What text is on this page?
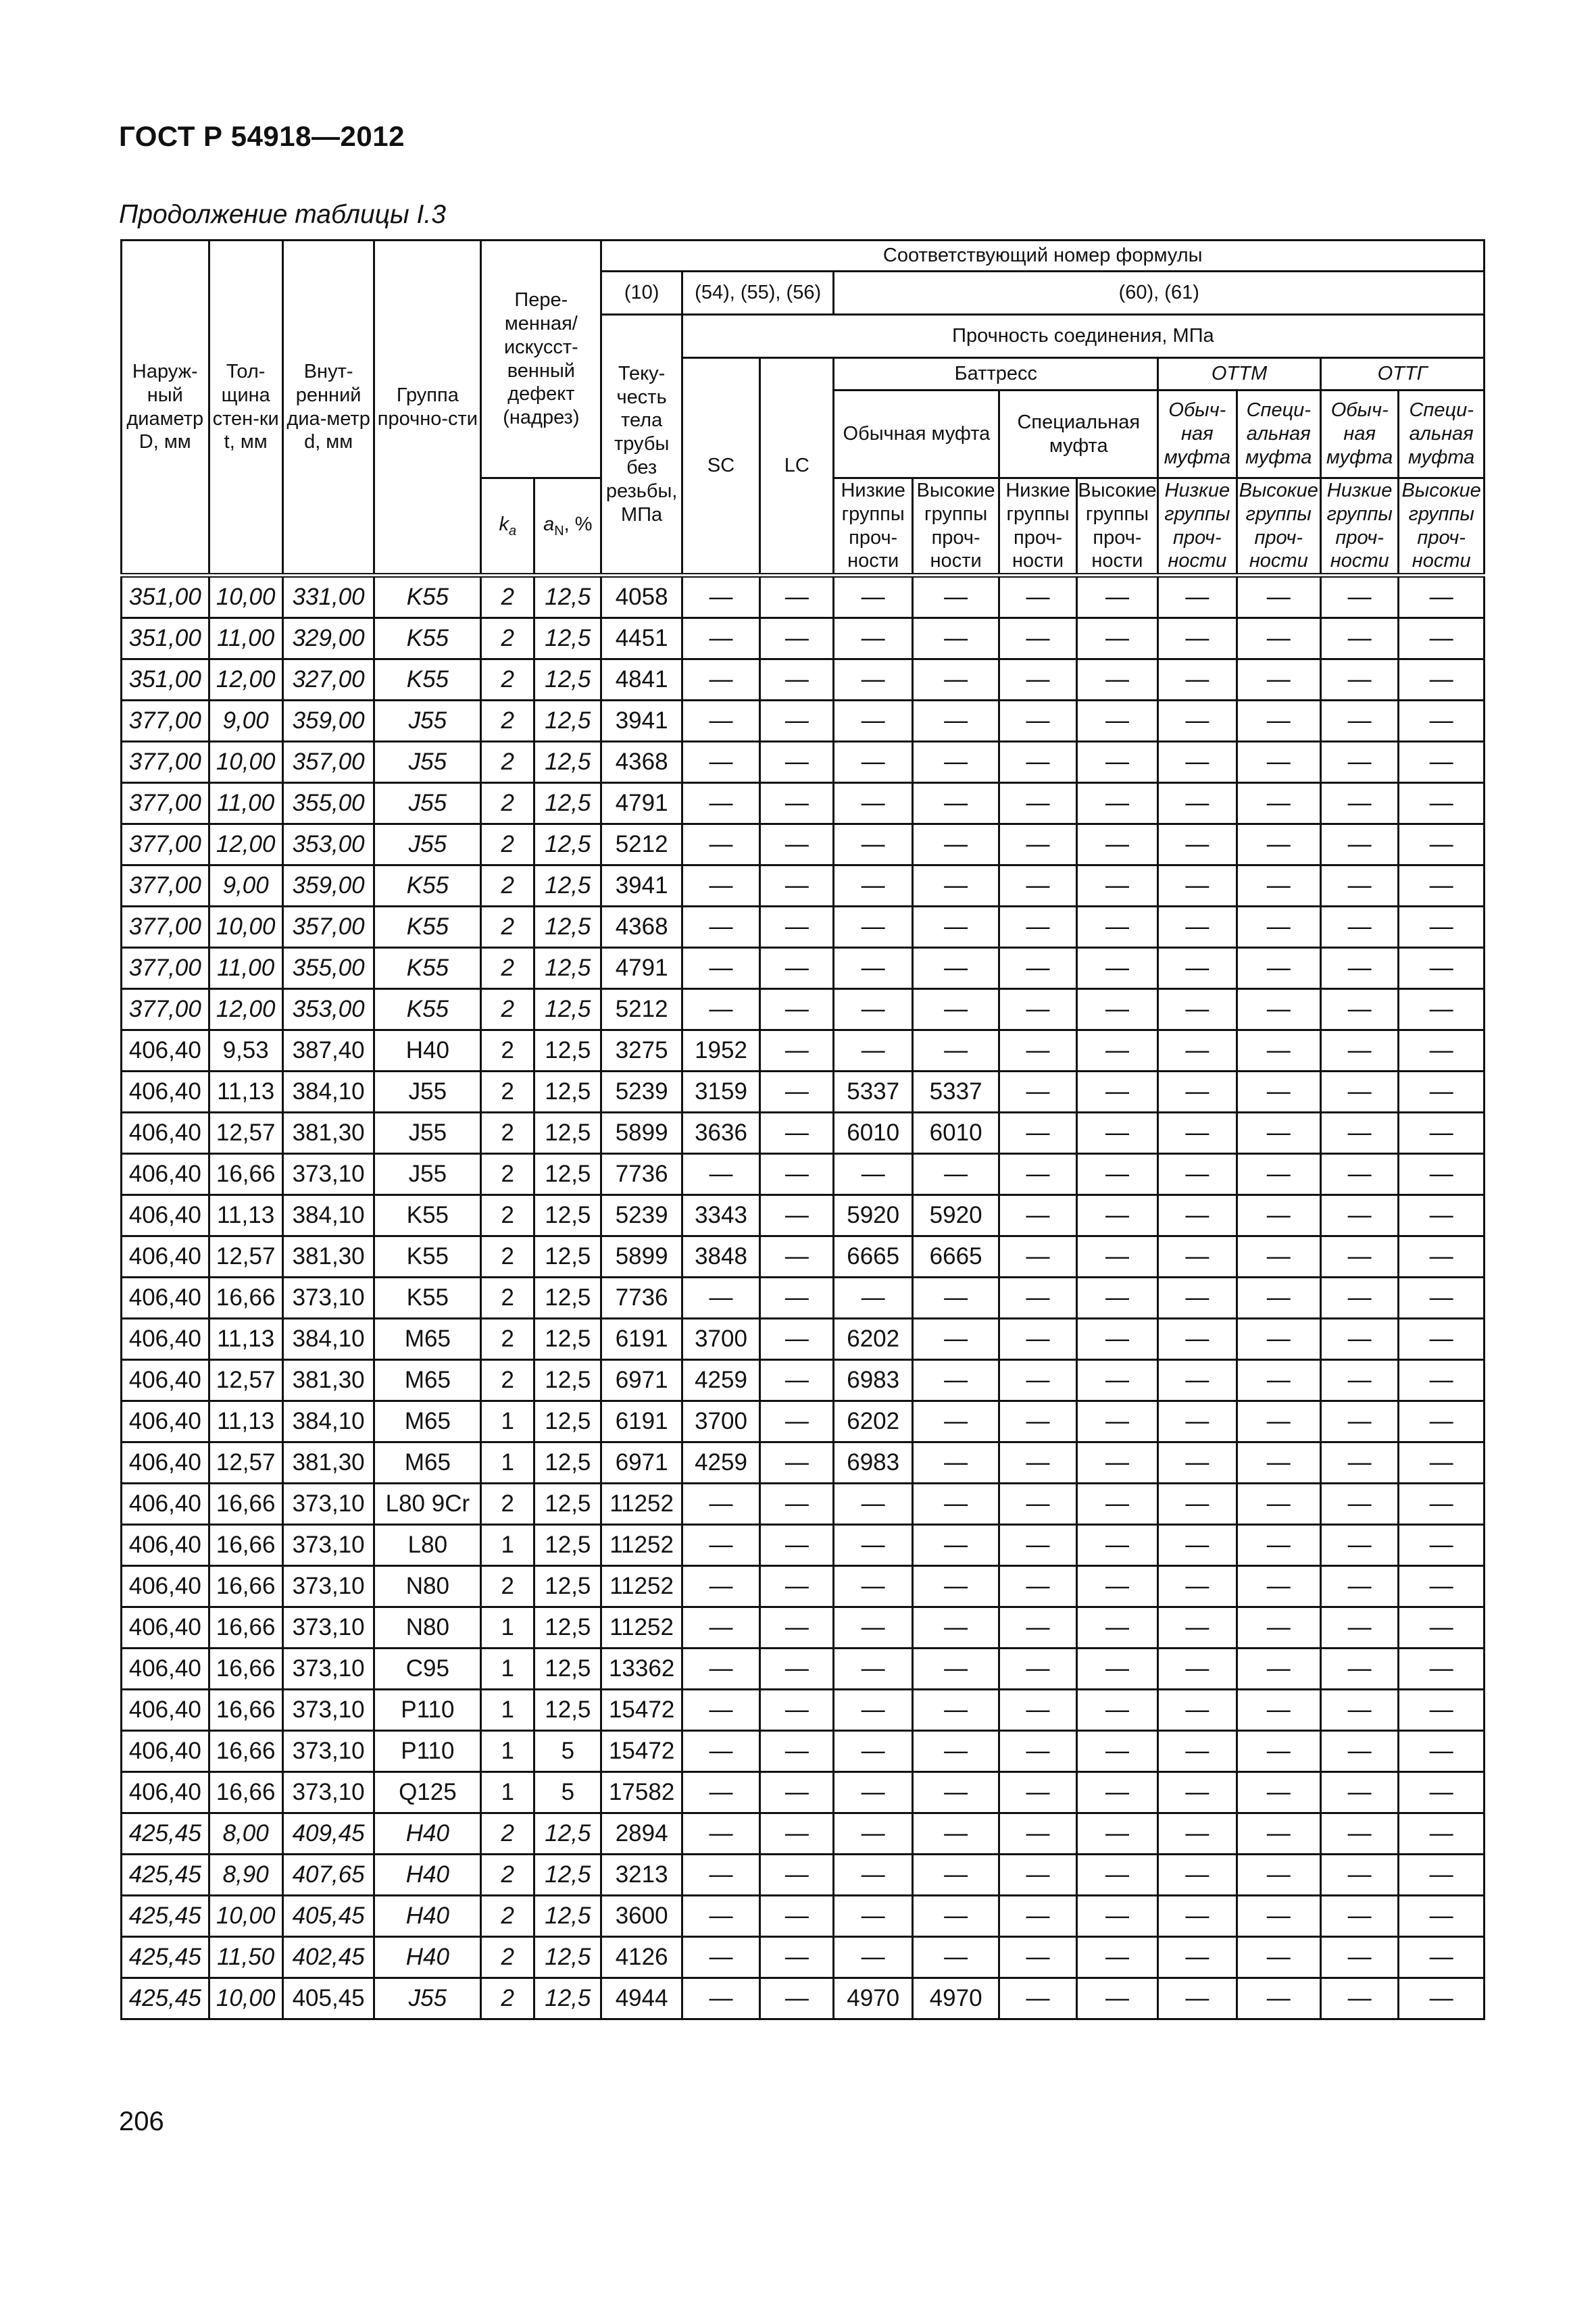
ГОСТ Р 54918—2012
Продолжение таблицы I.3
Наруж-ный диаметр D, мм	Тол-щина стен-ки t, мм	Внут-ренний диа-метр d, мм	Группа прочно-сти	Пере-менная/ искусст-венный дефект (надрез)		Соответствующий номер формулы										
						(10)	(54), (55), (56)		(60), (61)							
						Теку-честь тела трубы без резьбы, МПа	Прочность соединения, МПа									
							SC	LC	Баттресс				ОТТМ		ОТТГ	
									Обычная муфта		Специальная муфта		Обыч-ная муфта	Специ-альная муфта	Обыч-ная муфта	Специ-альная муфта
				$k_a$	$a_N$, %				Низкие группы проч-ности	Высокие группы проч-ности	Низкие группы проч-ности	Высокие группы проч-ности	Низкие группы проч-ности	Высокие группы проч-ности	Низкие группы проч-ности	Высокие группы проч-ности
351,00	10,00	331,00	K55	2	12,5	4058	—	—	—	—	—	—	—	—	—	—
351,00	11,00	329,00	K55	2	12,5	4451	—	—	—	—	—	—	—	—	—	—
351,00	12,00	327,00	K55	2	12,5	4841	—	—	—	—	—	—	—	—	—	—
377,00	9,00	359,00	J55	2	12,5	3941	—	—	—	—	—	—	—	—	—	—
377,00	10,00	357,00	J55	2	12,5	4368	—	—	—	—	—	—	—	—	—	—
377,00	11,00	355,00	J55	2	12,5	4791	—	—	—	—	—	—	—	—	—	—
377,00	12,00	353,00	J55	2	12,5	5212	—	—	—	—	—	—	—	—	—	—
377,00	9,00	359,00	K55	2	12,5	3941	—	—	—	—	—	—	—	—	—	—
377,00	10,00	357,00	K55	2	12,5	4368	—	—	—	—	—	—	—	—	—	—
377,00	11,00	355,00	K55	2	12,5	4791	—	—	—	—	—	—	—	—	—	—
377,00	12,00	353,00	K55	2	12,5	5212	—	—	—	—	—	—	—	—	—	—
406,40	9,53	387,40	H40	2	12,5	3275	1952	—	—	—	—	—	—	—	—	—
406,40	11,13	384,10	J55	2	12,5	5239	3159	—	5337	5337	—	—	—	—	—	—
406,40	12,57	381,30	J55	2	12,5	5899	3636	—	6010	6010	—	—	—	—	—	—
406,40	16,66	373,10	J55	2	12,5	7736	—	—	—	—	—	—	—	—	—	—
406,40	11,13	384,10	K55	2	12,5	5239	3343	—	5920	5920	—	—	—	—	—	—
406,40	12,57	381,30	K55	2	12,5	5899	3848	—	6665	6665	—	—	—	—	—	—
406,40	16,66	373,10	K55	2	12,5	7736	—	—	—	—	—	—	—	—	—	—
406,40	11,13	384,10	M65	2	12,5	6191	3700	—	6202	—	—	—	—	—	—	—
406,40	12,57	381,30	M65	2	12,5	6971	4259	—	6983	—	—	—	—	—	—	—
406,40	11,13	384,10	M65	1	12,5	6191	3700	—	6202	—	—	—	—	—	—	—
406,40	12,57	381,30	M65	1	12,5	6971	4259	—	6983	—	—	—	—	—	—	—
406,40	16,66	373,10	L80 9Cr	2	12,5	11252	—	—	—	—	—	—	—	—	—	—
406,40	16,66	373,10	L80	1	12,5	11252	—	—	—	—	—	—	—	—	—	—
406,40	16,66	373,10	N80	2	12,5	11252	—	—	—	—	—	—	—	—	—	—
406,40	16,66	373,10	N80	1	12,5	11252	—	—	—	—	—	—	—	—	—	—
406,40	16,66	373,10	C95	1	12,5	13362	—	—	—	—	—	—	—	—	—	—
406,40	16,66	373,10	P110	1	12,5	15472	—	—	—	—	—	—	—	—	—	—
406,40	16,66	373,10	P110	1	5	15472	—	—	—	—	—	—	—	—	—	—
406,40	16,66	373,10	Q125	1	5	17582	—	—	—	—	—	—	—	—	—	—
425,45	8,00	409,45	H40	2	12,5	2894	—	—	—	—	—	—	—	—	—	—
425,45	8,90	407,65	H40	2	12,5	3213	—	—	—	—	—	—	—	—	—	—
425,45	10,00	405,45	H40	2	12,5	3600	—	—	—	—	—	—	—	—	—	—
425,45	11,50	402,45	H40	2	12,5	4126	—	—	—	—	—	—	—	—	—	—
425,45	10,00	405,45	J55	2	12,5	4944	—	—	4970	4970	—	—	—	—	—	—
206
